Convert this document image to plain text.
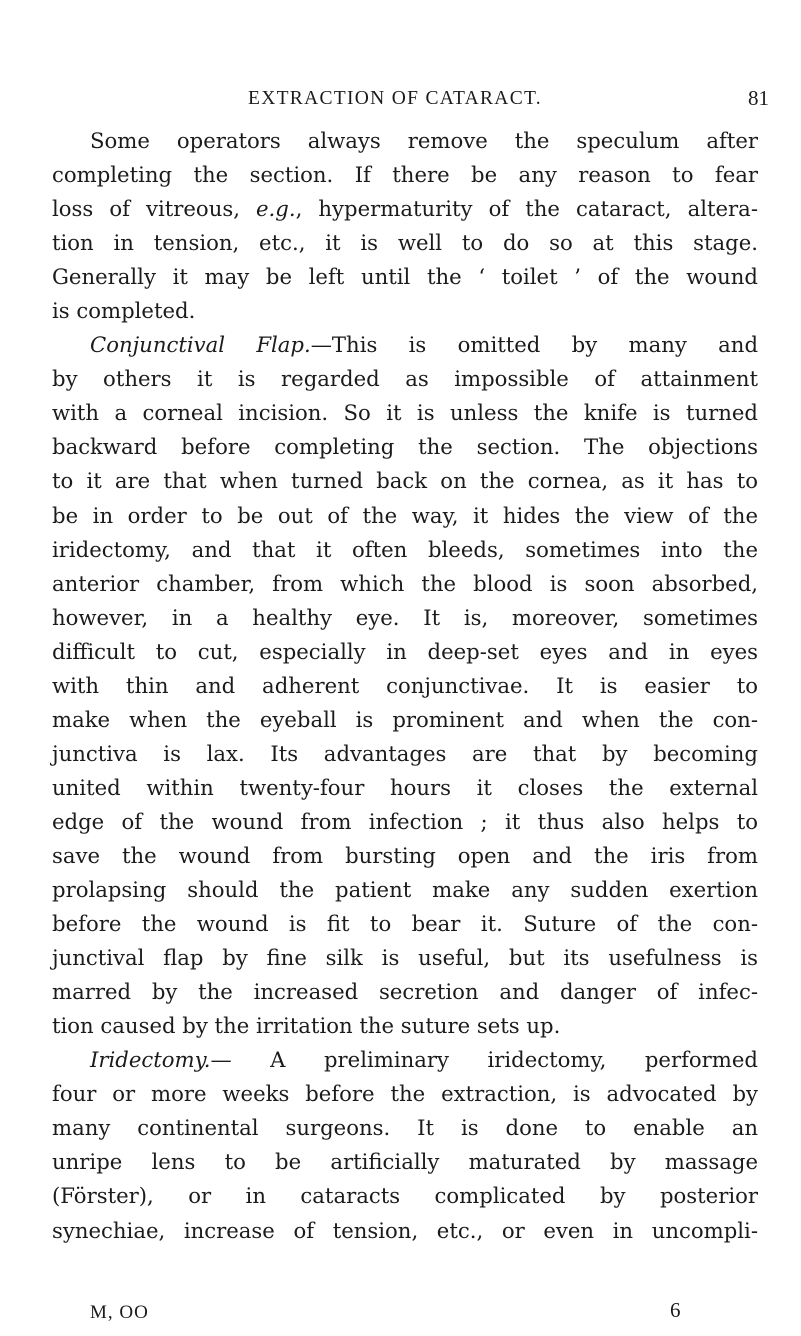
EXTRACTION OF CATARACT.	81
Some operators always remove the speculum after
completing the section. If there be any reason to fear
loss of vitreous, e.g., hypermaturity of the cataract, altera-
tion in tension, etc., it is well to do so at this stage.
Generally it may be left until the ‘ toilet ’ of the wound
is completed.
Conjunctival Flap.—This is omitted by many and
by others it is regarded as impossible of attainment
with a corneal incision. So it is unless the knife is turned
backward before completing the section. The objections
to it are that when turned back on the cornea, as it has to
be in order to be out of the way, it hides the view of the
iridectomy, and that it often bleeds, sometimes into the
anterior chamber, from which the blood is soon absorbed,
however, in a healthy eye. It is, moreover, sometimes
difficult to cut, especially in deep-set eyes and in eyes
with thin and adherent conjunctivae. It is easier to
make when the eyeball is prominent and when the con-
junctiva is lax. Its advantages are that by becoming
united within twenty-four hours it closes the external
edge of the wound from infection ; it thus also helps to
save the wound from bursting open and the iris from
prolapsing should the patient make any sudden exertion
before the wound is fit to bear it. Suture of the con-
junctival flap by fine silk is useful, but its usefulness is
marred by the increased secretion and danger of infec-
tion caused by the irritation the suture sets up.
Iridectomy.— A preliminary iridectomy, performed
four or more weeks before the extraction, is advocated by
many continental surgeons. It is done to enable an
unripe lens to be artificially maturated by massage
(Förster), or in cataracts complicated by posterior
synechiae, increase of tension, etc., or even in uncompli-
M, OO	6
